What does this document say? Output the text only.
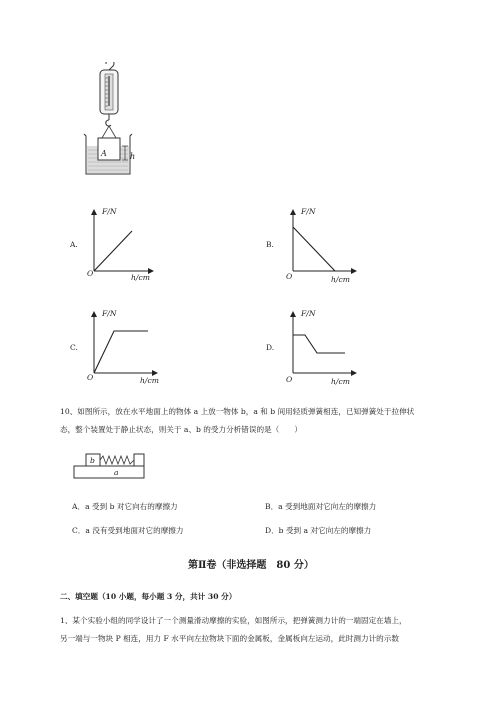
A	h
A.
F/N
O	h/cm
B.
F/N
O	h/cm
C.
F/N
O	h/cm
D.
F/N
O	h/cm
10、如图所示，放在水平地面上的物体 a 上放一物体 b，a 和 b 间用轻质弹簧相连，已知弹簧处于拉伸状
态，整个装置处于静止状态，则关于 a、b 的受力分析错误的是（　　）
b
a
A．a 受到 b 对它向右的摩擦力	B．a 受到地面对它向左的摩擦力
C．a 没有受到地面对它的摩擦力	D．b 受到 a 对它向左的摩擦力
第Ⅱ卷（非选择题　80 分）
二、填空题（10 小题，每小题 3 分，共计 30 分）
1、某个实验小组的同学设计了一个测量滑动摩擦的实验，如图所示，把弹簧测力计的一端固定在墙上，
另一端与一物块 P 相连，用力 F 水平向左拉物块下面的金属板，金属板向左运动，此时测力计的示数
